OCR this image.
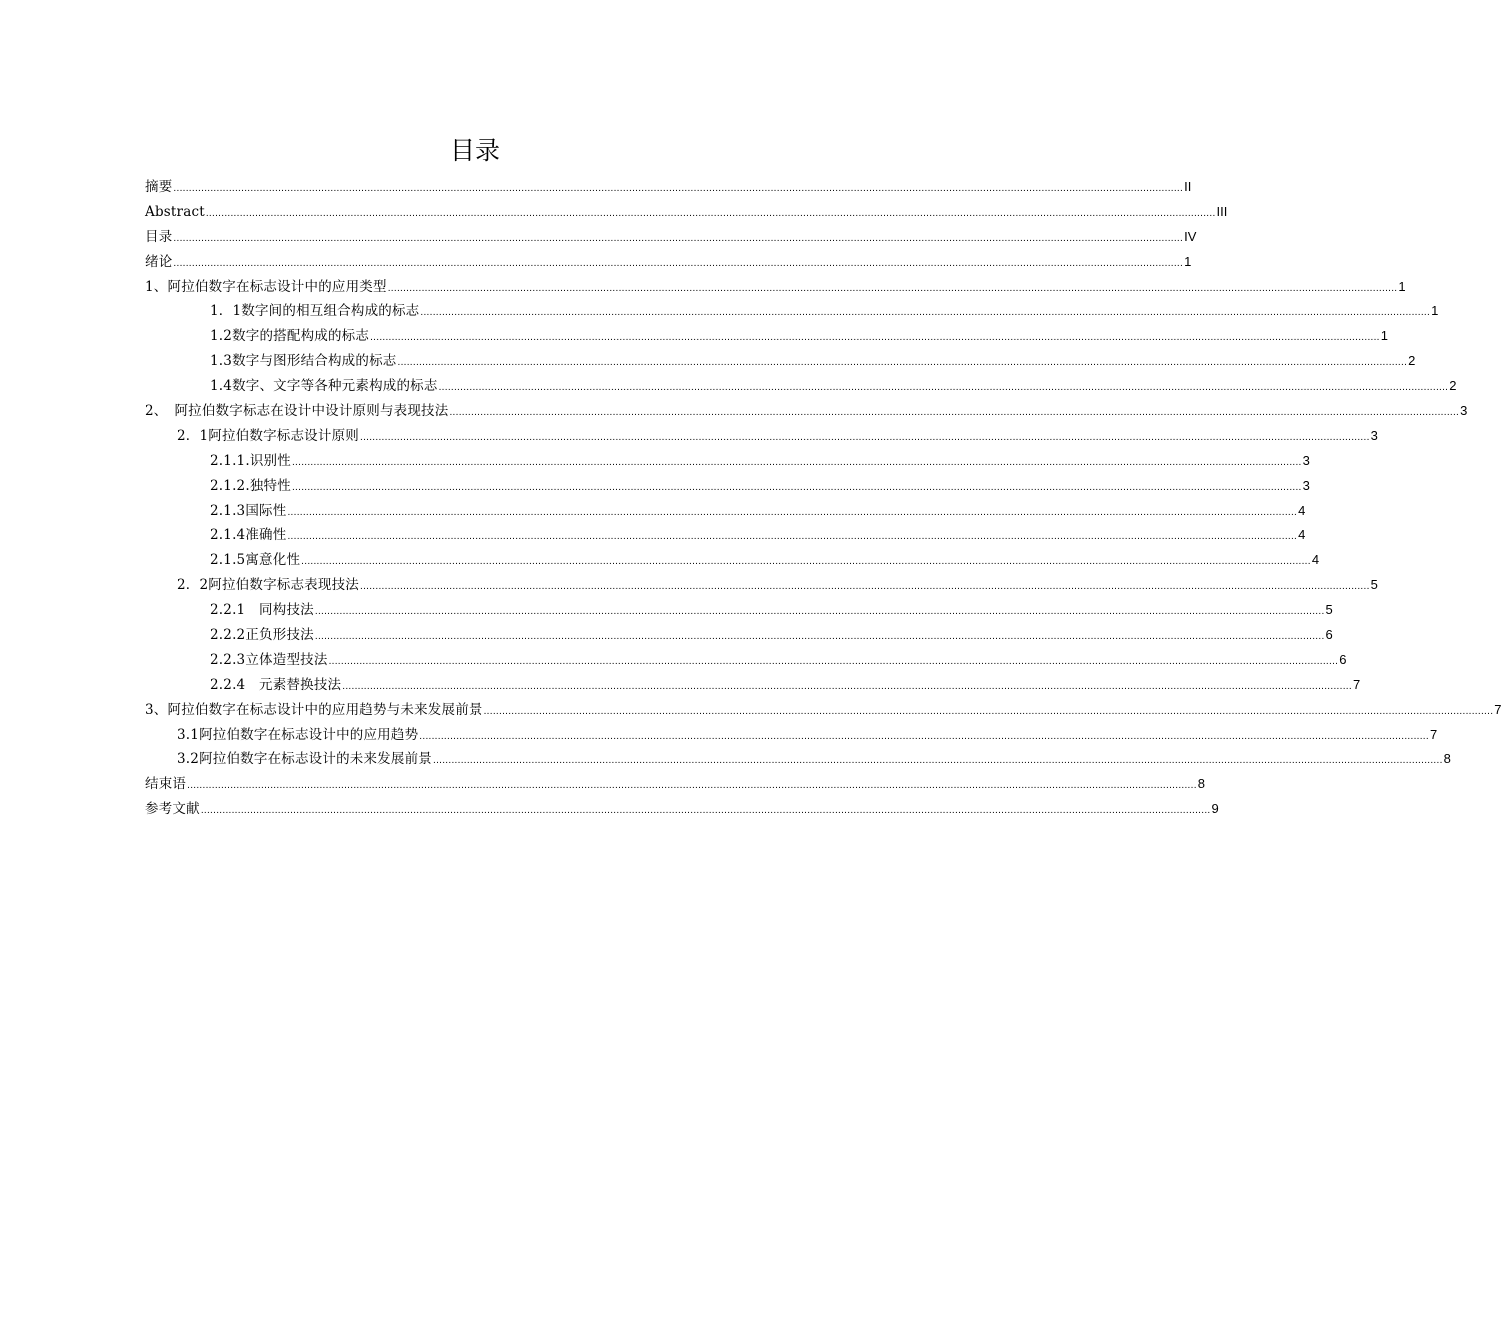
目录
摘要 ........................................................................................................................................................................................................................................................................................................................................ II
Abstract ........................................................................................................................................................................................................................................................................................................................................ III
目录 ........................................................................................................................................................................................................................................................................................................................................ IV
绪论 ........................................................................................................................................................................................................................................................................................................................................ 1
1、阿拉伯数字在标志设计中的应用类型 ........................................................................................................................................................................................................................................................................................................................................ 1
1．1数字间的相互组合构成的标志 ........................................................................................................................................................................................................................................................................................................................................ 1
1.2数字的搭配构成的标志 ........................................................................................................................................................................................................................................................................................................................................ 1
1.3数字与图形结合构成的标志 ........................................................................................................................................................................................................................................................................................................................................ 2
1.4数字、文字等各种元素构成的标志 ........................................................................................................................................................................................................................................................................................................................................ 2
2、　阿拉伯数字标志在设计中设计原则与表现技法 ........................................................................................................................................................................................................................................................................................................................................ 3
2．1阿拉伯数字标志设计原则 ........................................................................................................................................................................................................................................................................................................................................ 3
2.1.1.识别性 ........................................................................................................................................................................................................................................................................................................................................ 3
2.1.2.独特性 ........................................................................................................................................................................................................................................................................................................................................ 3
2.1.3国际性 ........................................................................................................................................................................................................................................................................................................................................ 4
2.1.4准确性 ........................................................................................................................................................................................................................................................................................................................................ 4
2.1.5寓意化性 ........................................................................................................................................................................................................................................................................................................................................ 4
2．2阿拉伯数字标志表现技法 ........................................................................................................................................................................................................................................................................................................................................ 5
2.2.1　同构技法 ........................................................................................................................................................................................................................................................................................................................................ 5
2.2.2正负形技法 ........................................................................................................................................................................................................................................................................................................................................ 6
2.2.3立体造型技法 ........................................................................................................................................................................................................................................................................................................................................ 6
2.2.4　元素替换技法 ........................................................................................................................................................................................................................................................................................................................................ 7
3、阿拉伯数字在标志设计中的应用趋势与未来发展前景 ........................................................................................................................................................................................................................................................................................................................................ 7
3.1阿拉伯数字在标志设计中的应用趋势 ........................................................................................................................................................................................................................................................................................................................................ 7
3.2阿拉伯数字在标志设计的未来发展前景 ........................................................................................................................................................................................................................................................................................................................................ 8
结束语 ........................................................................................................................................................................................................................................................................................................................................ 8
参考文献 ........................................................................................................................................................................................................................................................................................................................................ 9
